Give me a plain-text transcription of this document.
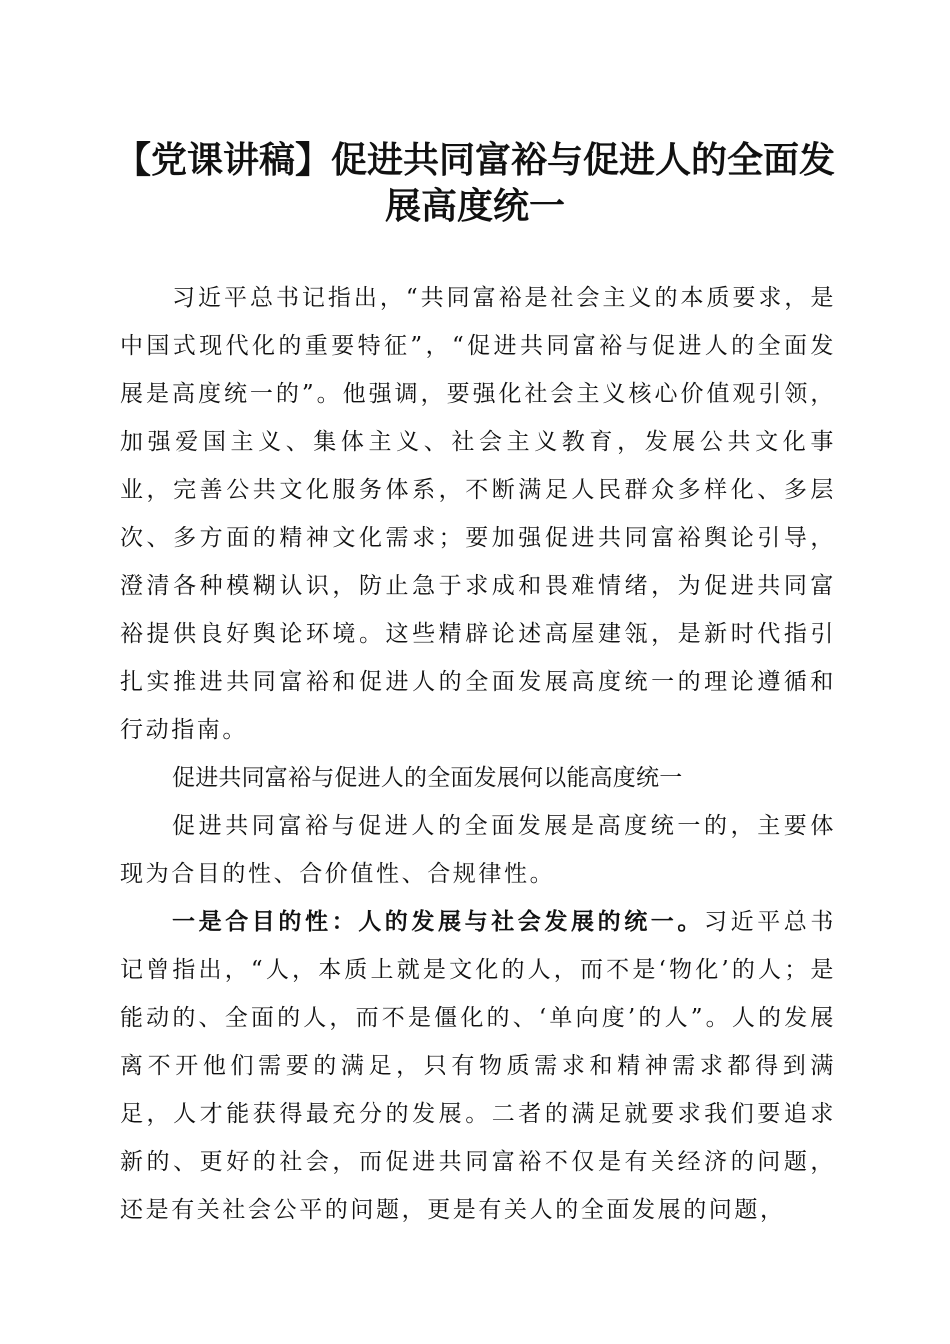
【党课讲稿】促进共同富裕与促进人的全面发展高度统一

习近平总书记指出，“共同富裕是社会主义的本质要求，是中国式现代化的重要特征”，“促进共同富裕与促进人的全面发展是高度统一的”。他强调，要强化社会主义核心价值观引领，加强爱国主义、集体主义、社会主义教育，发展公共文化事业，完善公共文化服务体系，不断满足人民群众多样化、多层次、多方面的精神文化需求；要加强促进共同富裕舆论引导，澄清各种模糊认识，防止急于求成和畏难情绪，为促进共同富裕提供良好舆论环境。这些精辟论述高屋建瓴，是新时代指引扎实推进共同富裕和促进人的全面发展高度统一的理论遵循和行动指南。

促进共同富裕与促进人的全面发展何以能高度统一

促进共同富裕与促进人的全面发展是高度统一的，主要体现为合目的性、合价值性、合规律性。

一是合目的性：人的发展与社会发展的统一。习近平总书记曾指出，“人，本质上就是文化的人，而不是‘物化’的人；是能动的、全面的人，而不是僵化的、‘单向度’的人”。人的发展离不开他们需要的满足，只有物质需求和精神需求都得到满足，人才能获得最充分的发展。二者的满足就要求我们要追求新的、更好的社会，而促进共同富裕不仅是有关经济的问题，还是有关社会公平的问题，更是有关人的全面发展的问题，
